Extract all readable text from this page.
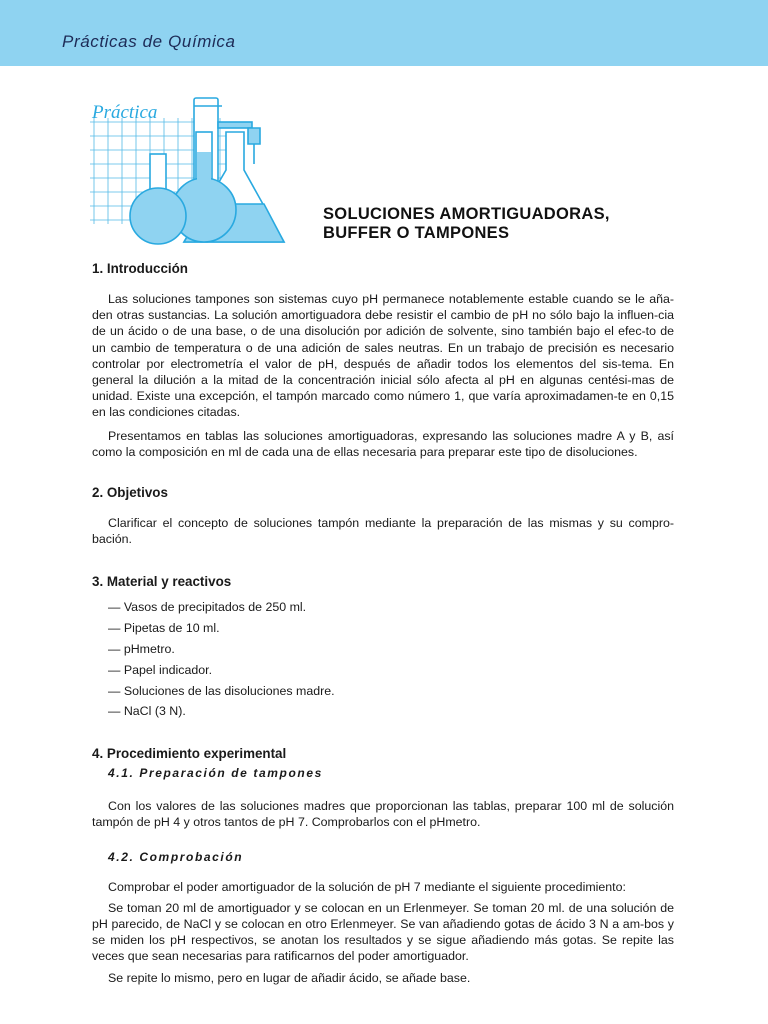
Prácticas de Química
Práctica
SOLUCIONES AMORTIGUADORAS,
BUFFER O TAMPONES
1. Introducción

Las soluciones tampones son sistemas cuyo pH permanece notablemente estable cuando se le aña-den otras sustancias. La solución amortiguadora debe resistir el cambio de pH no sólo bajo la influen-cia de un ácido o de una base, o de una disolución por adición de solvente, sino también bajo el efec-to de un cambio de temperatura o de una adición de sales neutras. En un trabajo de precisión es necesario controlar por electrometría el valor de pH, después de añadir todos los elementos del sis-tema. En general la dilución a la mitad de la concentración inicial sólo afecta al pH en algunas centési-mas de unidad. Existe una excepción, el tampón marcado como número 1, que varía aproximadamen-te en 0,15 en las condiciones citadas.

Presentamos en tablas las soluciones amortiguadoras, expresando las soluciones madre A y B, así como la composición en ml de cada una de ellas necesaria para preparar este tipo de disoluciones.

2. Objetivos

Clarificar el concepto de soluciones tampón mediante la preparación de las mismas y su compro-bación.

3. Material y reactivos
— Vasos de precipitados de 250 ml.
— Pipetas de 10 ml.
— pHmetro.
— Papel indicador.
— Soluciones de las disoluciones madre.
— NaCl (3 N).
4. Procedimiento experimental
4.1. Preparación de tampones

Con los valores de las soluciones madres que proporcionan las tablas, preparar 100 ml de solución tampón de pH 4 y otros tantos de pH 7. Comprobarlos con el pHmetro.

4.2. Comprobación

Comprobar el poder amortiguador de la solución de pH 7 mediante el siguiente procedimiento:

Se toman 20 ml de amortiguador y se colocan en un Erlenmeyer. Se toman 20 ml. de una solución de pH parecido, de NaCl y se colocan en otro Erlenmeyer. Se van añadiendo gotas de ácido 3 N a am-bos y se miden los pH respectivos, se anotan los resultados y se sigue añadiendo más gotas. Se repite las veces que sean necesarias para ratificarnos del poder amortiguador.

Se repite lo mismo, pero en lugar de añadir ácido, se añade base.
